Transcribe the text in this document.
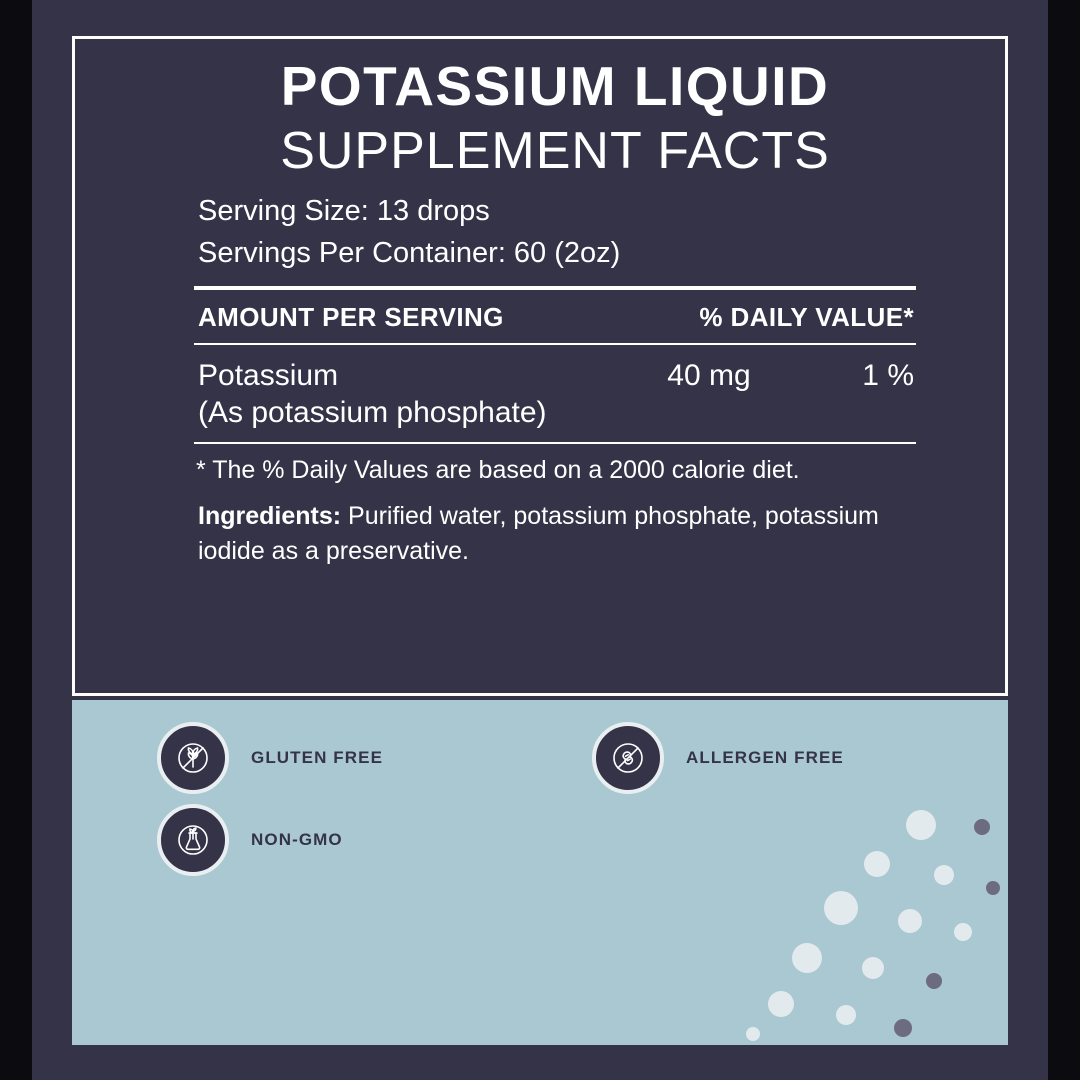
POTASSIUM LIQUID
SUPPLEMENT FACTS
Serving Size: 13 drops
Servings Per Container: 60 (2oz)
AMOUNT PER SERVING	% DAILY VALUE*
Potassium	40 mg	1 %
(As potassium phosphate)
* The % Daily Values are based on a 2000 calorie diet.
Ingredients: Purified water, potassium phosphate, potassium iodide as a preservative.
GLUTEN FREE
NON-GMO
ALLERGEN FREE
